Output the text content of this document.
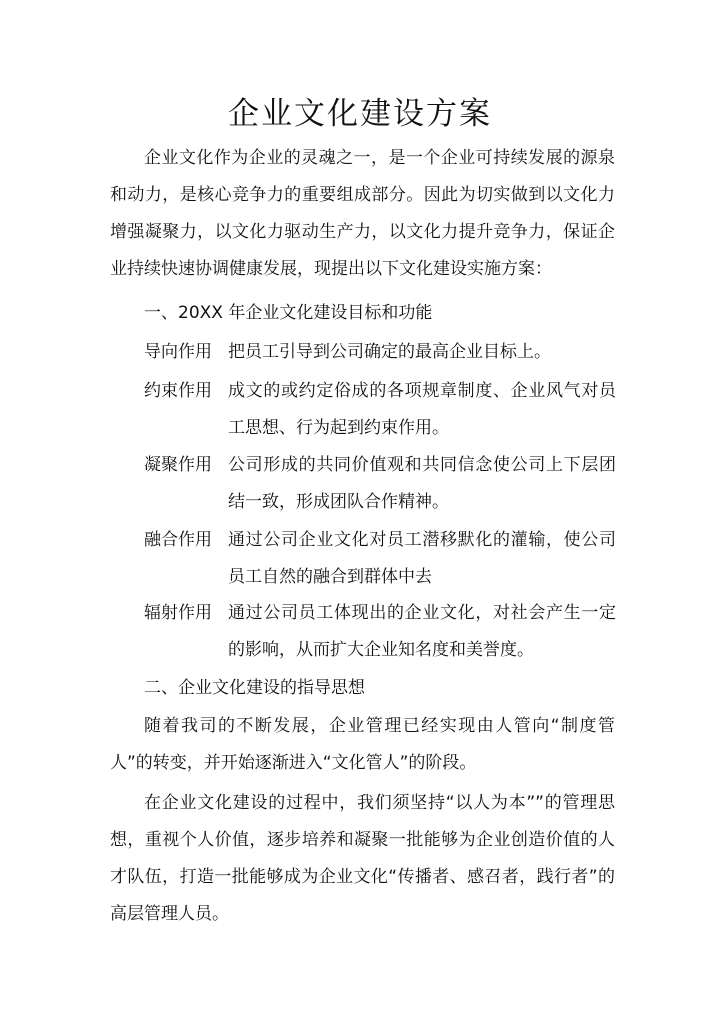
企业文化建设方案

企业文化作为企业的灵魂之一，是一个企业可持续发展的源泉和动力，是核心竞争力的重要组成部分。因此为切实做到以文化力增强凝聚力，以文化力驱动生产力，以文化力提升竞争力，保证企业持续快速协调健康发展，现提出以下文化建设实施方案：

一、20XX 年企业文化建设目标和功能

导向作用 把员工引导到公司确定的最高企业目标上。
约束作用 成文的或约定俗成的各项规章制度、企业风气对员工思想、行为起到约束作用。
凝聚作用 公司形成的共同价值观和共同信念使公司上下层团结一致，形成团队合作精神。
融合作用 通过公司企业文化对员工潜移默化的灌输，使公司员工自然的融合到群体中去
辐射作用 通过公司员工体现出的企业文化，对社会产生一定的影响，从而扩大企业知名度和美誉度。

二、企业文化建设的指导思想

随着我司的不断发展，企业管理已经实现由人管向“制度管人”的转变，并开始逐渐进入“文化管人”的阶段。

在企业文化建设的过程中，我们须坚持“以人为本””的管理思想，重视个人价值，逐步培养和凝聚一批能够为企业创造价值的人才队伍，打造一批能够成为企业文化“传播者、感召者，践行者”的高层管理人员。
